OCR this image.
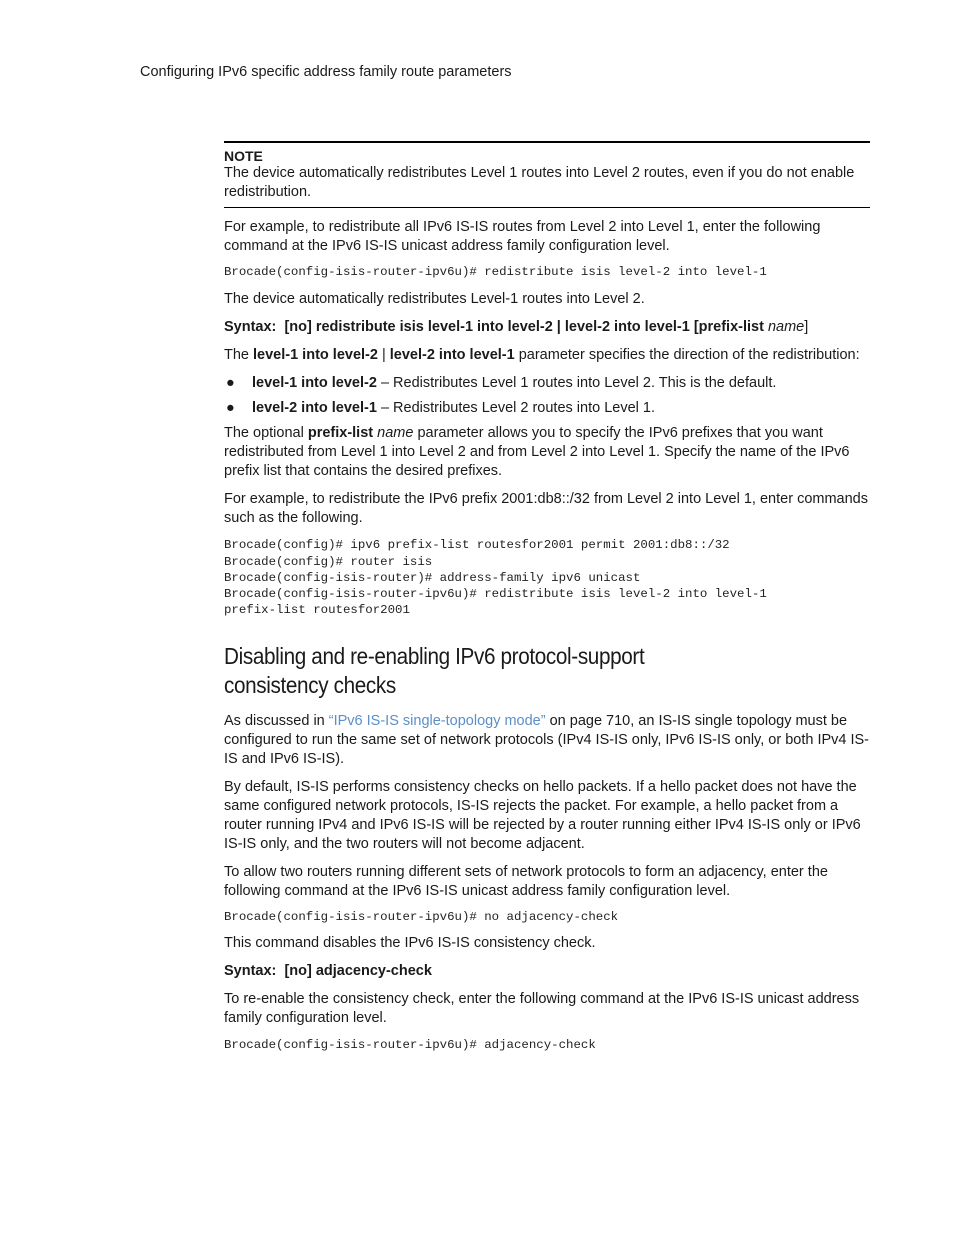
Configuring IPv6 specific address family route parameters
NOTE

The device automatically redistributes Level 1 routes into Level 2 routes, even if you do not enable redistribution.

For example, to redistribute all IPv6 IS-IS routes from Level 2 into Level 1, enter the following command at the IPv6 IS-IS unicast address family configuration level.

Brocade(config-isis-router-ipv6u)# redistribute isis level-2 into level-1

The device automatically redistributes Level-1 routes into Level 2.

Syntax: [no] redistribute isis level-1 into level-2 | level-2 into level-1 [prefix-list name]

The level-1 into level-2 | level-2 into level-1 parameter specifies the direction of the redistribution:

● level-1 into level-2 – Redistributes Level 1 routes into Level 2. This is the default.
● level-2 into level-1 – Redistributes Level 2 routes into Level 1.

The optional prefix-list name parameter allows you to specify the IPv6 prefixes that you want redistributed from Level 1 into Level 2 and from Level 2 into Level 1. Specify the name of the IPv6 prefix list that contains the desired prefixes.

For example, to redistribute the IPv6 prefix 2001:db8::/32 from Level 2 into Level 1, enter commands such as the following.

Brocade(config)# ipv6 prefix-list routesfor2001 permit 2001:db8::/32
Brocade(config)# router isis
Brocade(config-isis-router)# address-family ipv6 unicast
Brocade(config-isis-router-ipv6u)# redistribute isis level-2 into level-1
prefix-list routesfor2001
Disabling and re-enabling IPv6 protocol-support
consistency checks

As discussed in “IPv6 IS-IS single-topology mode” on page 710, an IS-IS single topology must be configured to run the same set of network protocols (IPv4 IS-IS only, IPv6 IS-IS only, or both IPv4 IS-IS and IPv6 IS-IS).

By default, IS-IS performs consistency checks on hello packets. If a hello packet does not have the same configured network protocols, IS-IS rejects the packet. For example, a hello packet from a router running IPv4 and IPv6 IS-IS will be rejected by a router running either IPv4 IS-IS only or IPv6 IS-IS only, and the two routers will not become adjacent.

To allow two routers running different sets of network protocols to form an adjacency, enter the following command at the IPv6 IS-IS unicast address family configuration level.

Brocade(config-isis-router-ipv6u)# no adjacency-check

This command disables the IPv6 IS-IS consistency check.

Syntax: [no] adjacency-check

To re-enable the consistency check, enter the following command at the IPv6 IS-IS unicast address family configuration level.

Brocade(config-isis-router-ipv6u)# adjacency-check
